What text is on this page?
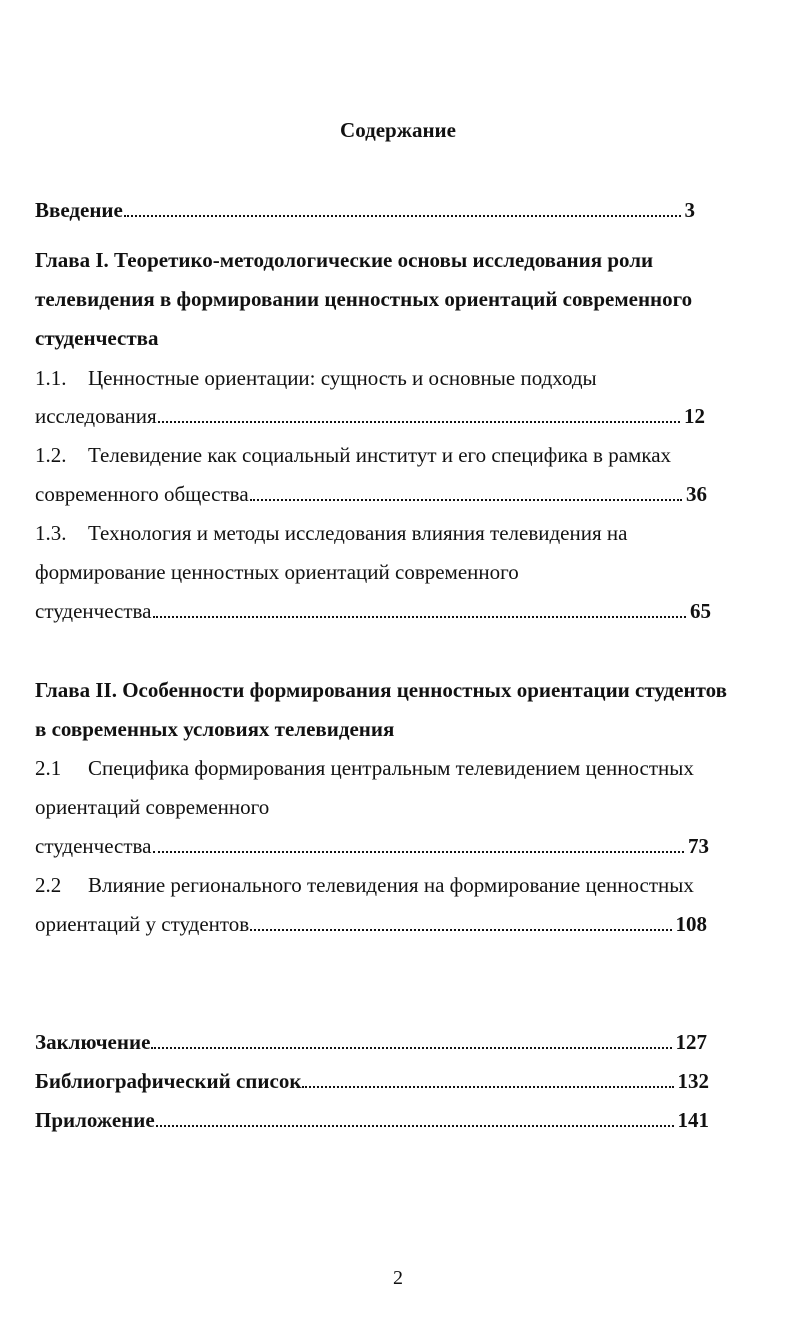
Содержание
Введение	3
Глава I. Теоретико-методологические основы исследования роли
телевидения в формировании ценностных ориентаций современного
студенчества
1.1. Ценностные ориентации: сущность и основные подходы
исследования	12
1.2. Телевидение как социальный институт и его специфика в рамках
современного общества	36
1.3. Технология и методы исследования влияния телевидения на
формирование ценностных ориентаций современного
студенчества	65
Глава II. Особенности формирования ценностных ориентации студентов
в современных условиях телевидения
2.1 Специфика формирования центральным телевидением ценностных
ориентаций современного
студенчества	73
2.2 Влияние регионального телевидения на формирование ценностных
ориентаций у студентов	108
Заключение	127
Библиографический список	132
Приложение	141
2
